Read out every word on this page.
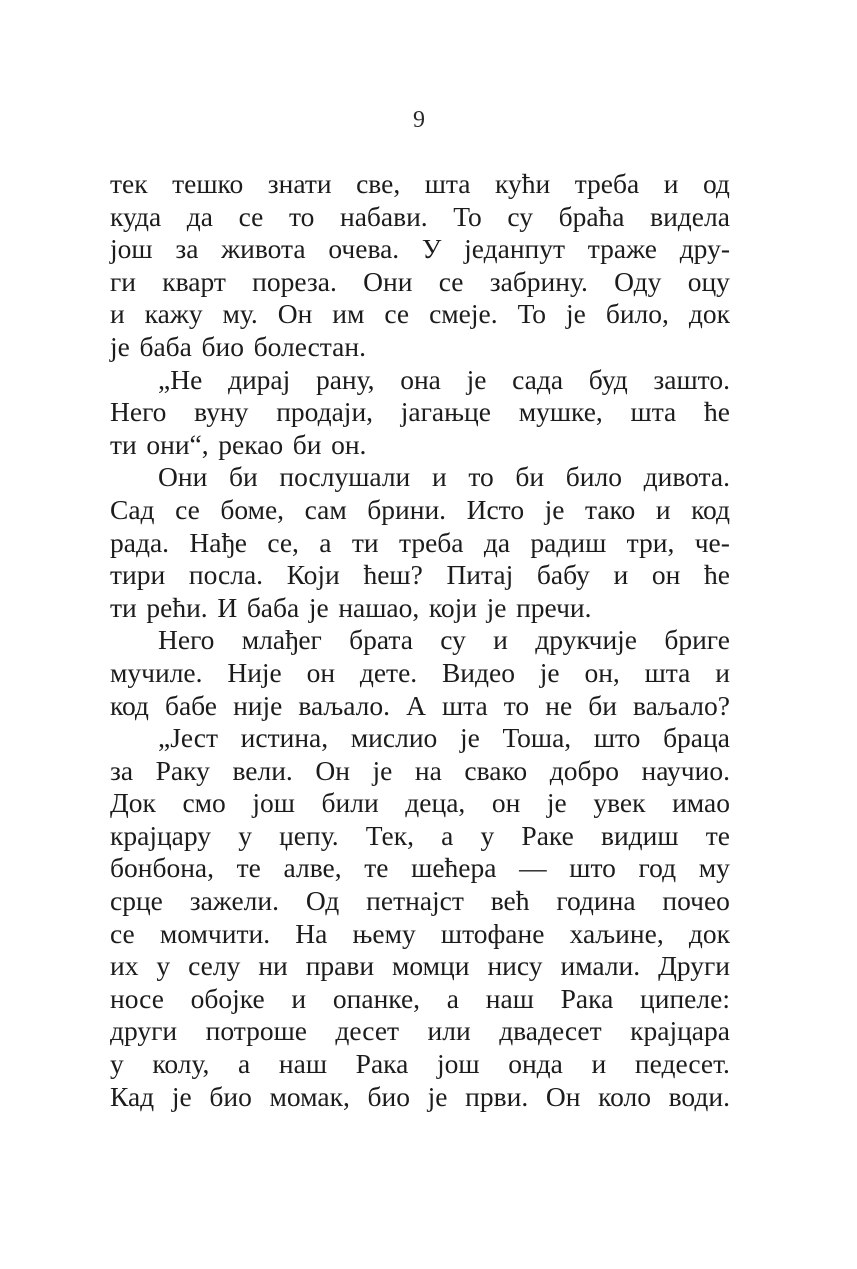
9
тек тешко знати све, шта кући треба и од
куда да се то набави. То су браћа видела
још за живота очева. У једанпут траже дру-
ги кварт пореза. Они се забрину. Оду оцу
и кажу му. Он им се смеје. То је било, док
је баба био болестан.
„Не дирај рану, она је сада буд зашто.
Него вуну продаји, јагањце мушке, шта ће
ти они“, рекао би он.
Они би послушали и то би било дивота.
Сад се боме, сам брини. Исто је тако и код
рада. Нађе се, а ти треба да радиш три, че-
тири посла. Који ћеш? Питај бабу и он ће
ти рећи. И баба је нашао, који је пречи.
Него млађег брата су и друкчије бриге
мучиле. Није он дете. Видео је он, шта и
код бабе није ваљало. А шта то не би ваљало?
„Јест истина, мислио је Тоша, што браца
за Раку вели. Он је на свако добро научио.
Док смо још били деца, он је увек имао
крајцару у џепу. Тек, а у Раке видиш те
бонбона, те алве, те шећера — што год му
срце зажели. Од петнајст већ година почео
се момчити. На њему штофане хаљине, док
их у селу ни прави момци нису имали. Други
носе обојке и опанке, а наш Рака ципеле:
други потроше десет или двадесет крајцара
у колу, а наш Рака још онда и педесет.
Кад је био момак, био је први. Он коло води.
